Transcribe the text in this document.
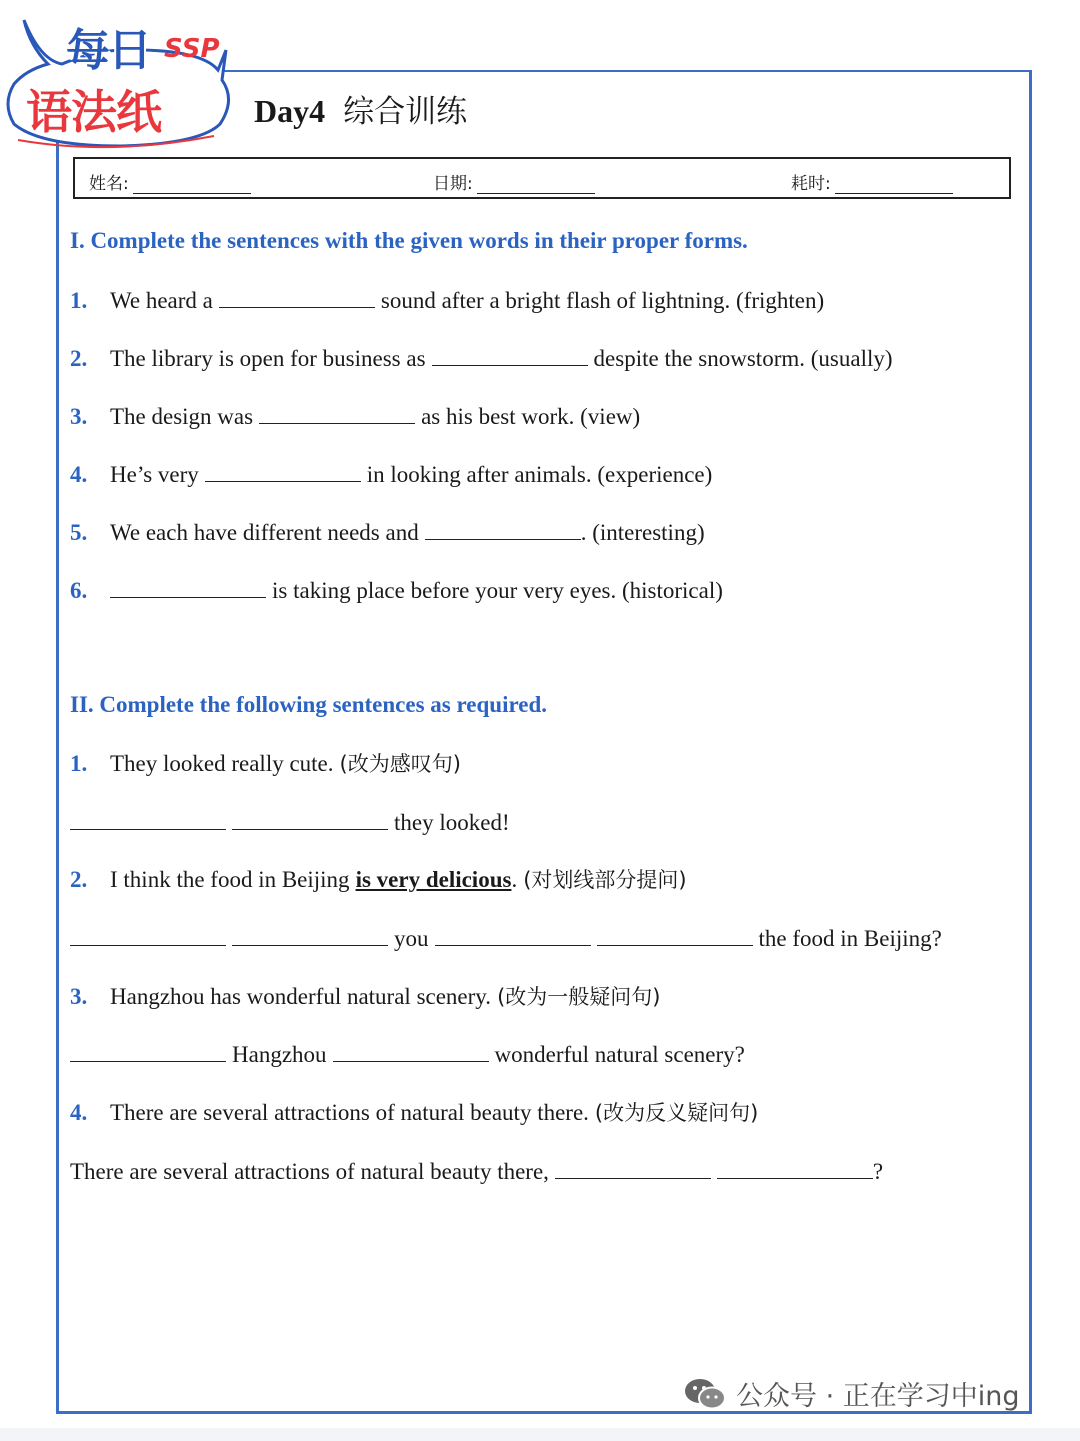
每日 SSP
语法纸	Day4 综合训练
姓名:	日期:	耗时:
I. Complete the sentences with the given words in their proper forms.
1. We heard a	sound after a bright flash of lightning. (frighten)
2. The library is open for business as	despite the snowstorm. (usually)
3. The design was	as his best work. (view)
4. He’s very	in looking after animals. (experience)
5. We each have different needs and	. (interesting)
6.	is taking place before your very eyes. (historical)
II. Complete the following sentences as required.
1. They looked really cute. (改为感叹句)
they looked!
2. I think the food in Beijing is very delicious . (对划线部分提问)
you	the food in Beijing?
3. Hangzhou has wonderful natural scenery. (改为一般疑问句)
Hangzhou	wonderful natural scenery?
4. There are several attractions of natural beauty there. (改为反义疑问句)
There are several attractions of natural beauty there,	?
公众号 · 正在学习中ing
